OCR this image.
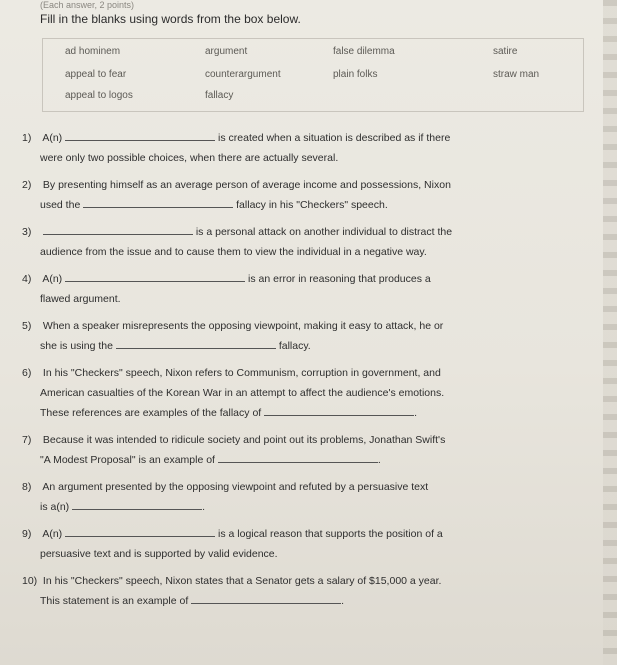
(Each answer, 2 points)
Fill in the blanks using words from the box below.
ad hominem	argument	false dilemma	satire
appeal to fear	counterargument	plain folks	straw man
appeal to logos	fallacy
1) A(n)	is created when a situation is described as if there
were only two possible choices, when there are actually several.
2) By presenting himself as an average person of average income and possessions, Nixon
used the	fallacy in his "Checkers" speech.
3)	is a personal attack on another individual to distract the
audience from the issue and to cause them to view the individual in a negative way.
4) A(n)	is an error in reasoning that produces a
flawed argument.
5) When a speaker misrepresents the opposing viewpoint, making it easy to attack, he or
she is using the	fallacy.
6) In his "Checkers" speech, Nixon refers to Communism, corruption in government, and
American casualties of the Korean War in an attempt to affect the audience's emotions.
These references are examples of the fallacy of	.
7) Because it was intended to ridicule society and point out its problems, Jonathan Swift's
"A Modest Proposal" is an example of	.
8) An argument presented by the opposing viewpoint and refuted by a persuasive text
is a(n)	.
9) A(n)	is a logical reason that supports the position of a
persuasive text and is supported by valid evidence.
10) In his "Checkers" speech, Nixon states that a Senator gets a salary of $15,000 a year.
This statement is an example of	.
